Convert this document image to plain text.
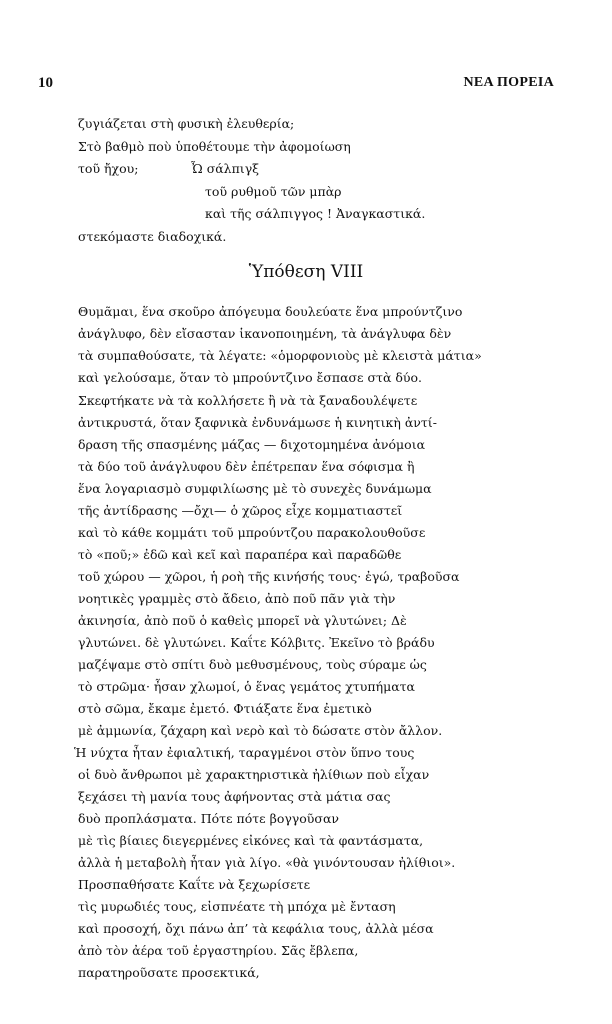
10	ΝΕΑ ΠΟΡΕΙΑ
ζυγιάζεται στὴ φυσικὴ ἐλευθερία;
Στὸ βαθμὸ ποὺ ὑποθέτουμε τὴν ἀφομοίωση
τοῦ ἤχου;	Ὦ σάλπιγξ
τοῦ ρυθμοῦ τῶν μπὰρ
καὶ τῆς σάλπιγγος ! Ἀναγκαστικά.
στεκόμαστε διαδοχικά.
Ὑπόθεση VIII
Θυμᾶμαι, ἕνα σκοῦρο ἀπόγευμα δουλεύατε ἕνα μπρούντζινο
ἀνάγλυφο, δὲν εἴσασταν ἱκανοποιημένη, τὰ ἀνάγλυφα δὲν
τὰ συμπαθούσατε, τὰ λέγατε: «ὁμορφονιοὺς μὲ κλειστὰ μάτια»
καὶ γελούσαμε, ὅταν τὸ μπρούντζινο ἔσπασε στὰ δύο.
Σκεφτήκατε νὰ τὰ κολλήσετε ἢ νὰ τὰ ξαναδουλέψετε
ἀντικρυστά, ὅταν ξαφνικὰ ἐνδυνάμωσε ἡ κινητικὴ ἀντί-
δραση τῆς σπασμένης μάζας — διχοτομημένα ἀνόμοια
τὰ δύο τοῦ ἀνάγλυφου δὲν ἐπέτρεπαν ἕνα σόφισμα ἢ
ἕνα λογαριασμὸ συμφιλίωσης μὲ τὸ συνεχὲς δυνάμωμα
τῆς ἀντίδρασης —ὄχι— ὁ χῶρος εἶχε κομματιαστεῖ
καὶ τὸ κάθε κομμάτι τοῦ μπρούντζου παρακολουθοῦσε
τὸ «ποῦ;» ἐδῶ καὶ κεῖ καὶ παραπέρα καὶ παραδῶθε
τοῦ χώρου — χῶροι, ἡ ροὴ τῆς κινήσής τους· ἐγώ, τραβοῦσα
νοητικὲς γραμμὲς στὸ ἄδειο, ἀπὸ ποῦ πᾶν γιὰ τὴν
ἀκινησία, ἀπὸ ποῦ ὁ καθεὶς μπορεῖ νὰ γλυτώνει; Δὲ
γλυτώνει. δὲ γλυτώνει. Καΐτε Κόλβιτς. Ἐκεῖνο τὸ βράδυ
μαζέψαμε στὸ σπίτι δυὸ μεθυσμένους, τοὺς σύραμε ὡς
τὸ στρῶμα· ἦσαν χλωμοί, ὁ ἕνας γεμάτος χτυπήματα
στὸ σῶμα, ἔκαμε ἐμετό. Φτιάξατε ἕνα ἐμετικὸ
μὲ ἀμμωνία, ζάχαρη καὶ νερὸ καὶ τὸ δώσατε στὸν ἄλλον.
Ἡ νύχτα ἦταν ἐφιαλτική, ταραγμένοι στὸν ὕπνο τους
οἱ δυὸ ἄνθρωποι μὲ χαρακτηριστικὰ ἠλίθιων ποὺ εἶχαν
ξεχάσει τὴ μανία τους ἀφήνοντας στὰ μάτια σας
δυὸ προπλάσματα. Πότε πότε βογγοῦσαν
μὲ τὶς βίαιες διεγερμένες εἰκόνες καὶ τὰ φαντάσματα,
ἀλλὰ ἡ μεταβολὴ ἦταν γιὰ λίγο. «θὰ γινόντουσαν ἠλίθιοι».
Προσπαθήσατε Καΐτε νὰ ξεχωρίσετε
τὶς μυρωδιές τους, εἰσπνέατε τὴ μπόχα μὲ ἔνταση
καὶ προσοχή, ὄχι πάνω ἀπ’ τὰ κεφάλια τους, ἀλλὰ μέσα
ἀπὸ τὸν ἀέρα τοῦ ἐργαστηρίου. Σᾶς ἔβλεπα,
παρατηροῦσατε προσεκτικά,
